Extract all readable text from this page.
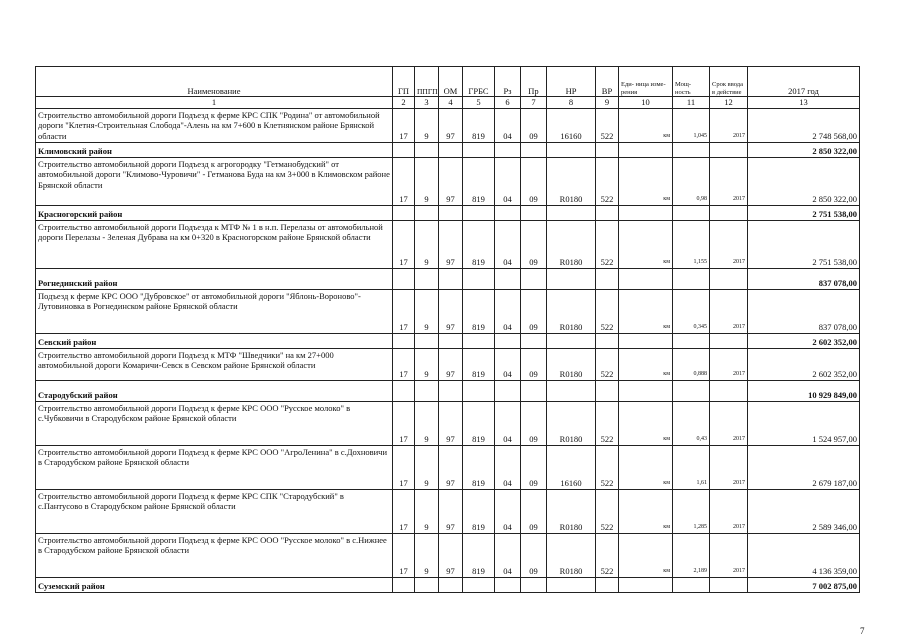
Наименование	ГП	ППГП	ОМ	ГРБС	Рз	Пр	НР	ВР	Еди- ница изме- рения	Мощ- ность	Срок ввода в действие	2017 год
1	2	3	4	5	6	7	8	9	10	11	12	13
Строительство автомобильной дороги Подъезд к ферме КРС СПК "Родина" от автомобильной дороги "Клетня-Строительная Слобода"-Алень на км 7+600 в Клетнянском районе Брянской области	17	9	97	819	04	09	16160	522	км	1,045	2017	2 748 568,00
Климовский район												2 850 322,00
Строительство автомобильной дороги Подъезд к агрогородку "Гетманобудский" от автомобильной дороги "Климово-Чуровичи" - Гетманова Буда на км 3+000 в Климовском районе Брянской области	17	9	97	819	04	09	R0180	522	км	0,98	2017	2 850 322,00
Красногорский район												2 751 538,00
Строительство автомобильной дороги Подъезда к МТФ № 1 в н.п. Перелазы от автомобильной дороги Перелазы - Зеленая Дубрава на км 0+320 в Красногорском районе Брянской области	17	9	97	819	04	09	R0180	522	км	1,155	2017	2 751 538,00
Рогнединский район												837 078,00
Подъезд к ферме КРС ООО "Дубровское" от автомобильной дороги "Яблонь-Вороново"-Лутовиновка в Рогнединском районе Брянской области	17	9	97	819	04	09	R0180	522	км	0,345	2017	837 078,00
Севский район												2 602 352,00
Строительство автомобильной дороги Подъезд к МТФ "Шведчики" на км 27+000 автомобильной дороги Комаричи-Севск в Севском районе Брянской области	17	9	97	819	04	09	R0180	522	км	0,888	2017	2 602 352,00
Стародубский район												10 929 849,00
Строительство автомобильной дороги Подъезд к ферме КРС ООО "Русское молоко" в с.Чубковичи в Стародубском районе Брянской области	17	9	97	819	04	09	R0180	522	км	0,43	2017	1 524 957,00
Строительство автомобильной дороги Подъезд к ферме КРС ООО "АгроЛенина" в с.Дохновичи в Стародубском районе Брянской области	17	9	97	819	04	09	16160	522	км	1,61	2017	2 679 187,00
Строительство автомобильной дороги Подъезд к ферме КРС СПК "Стародубский" в с.Пантусово в Стародубском районе Брянской области	17	9	97	819	04	09	R0180	522	км	1,285	2017	2 589 346,00
Строительство автомобильной дороги Подъезд к ферме КРС ООО "Русское молоко" в с.Нижнее в Стародубском районе Брянской области	17	9	97	819	04	09	R0180	522	км	2,189	2017	4 136 359,00
Суземский район												7 002 875,00
7
